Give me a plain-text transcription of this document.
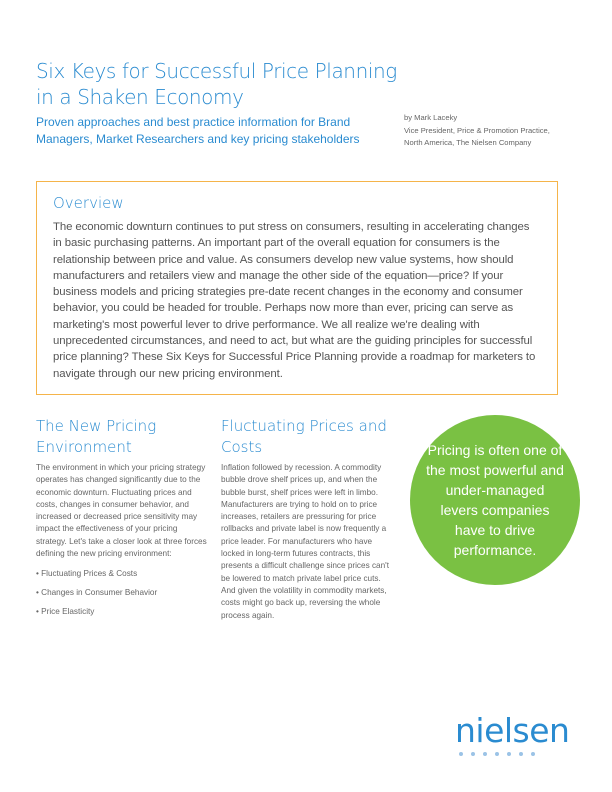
Six Keys for Successful Price Planning in a Shaken Economy
Proven approaches and best practice information for Brand Managers, Market Researchers and key pricing stakeholders
by Mark Laceky
Vice President, Price & Promotion Practice,
North America, The Nielsen Company
Overview

The economic downturn continues to put stress on consumers, resulting in accelerating changes in basic purchasing patterns. An important part of the overall equation for consumers is the relationship between price and value. As consumers develop new value systems, how should manufacturers and retailers view and manage the other side of the equation—price? If your business models and pricing strategies pre-date recent changes in the economy and consumer behavior, you could be headed for trouble. Perhaps now more than ever, pricing can serve as marketing's most powerful lever to drive performance. We all realize we're dealing with unprecedented circumstances, and need to act, but what are the guiding principles for successful price planning? These Six Keys for Successful Price Planning provide a roadmap for marketers to navigate through our new pricing environment.

The New Pricing Environment

The environment in which your pricing strategy operates has changed significantly due to the economic downturn. Fluctuating prices and costs, changes in consumer behavior, and increased or decreased price sensitivity may impact the effectiveness of your pricing strategy. Let's take a closer look at three forces defining the new pricing environment:

• Fluctuating Prices & Costs
• Changes in Consumer Behavior
• Price Elasticity
Fluctuating Prices and Costs

Inflation followed by recession. A commodity bubble drove shelf prices up, and when the bubble burst, shelf prices were left in limbo. Manufacturers are trying to hold on to price increases, retailers are pressuring for price rollbacks and private label is now frequently a price leader. For manufacturers who have locked in long-term futures contracts, this presents a difficult challenge since prices can't be lowered to match private label price cuts. And given the volatility in commodity markets, costs might go back up, reversing the whole process again.

Pricing is often one of the most powerful and under-managed levers companies have to drive performance.
nielsen
